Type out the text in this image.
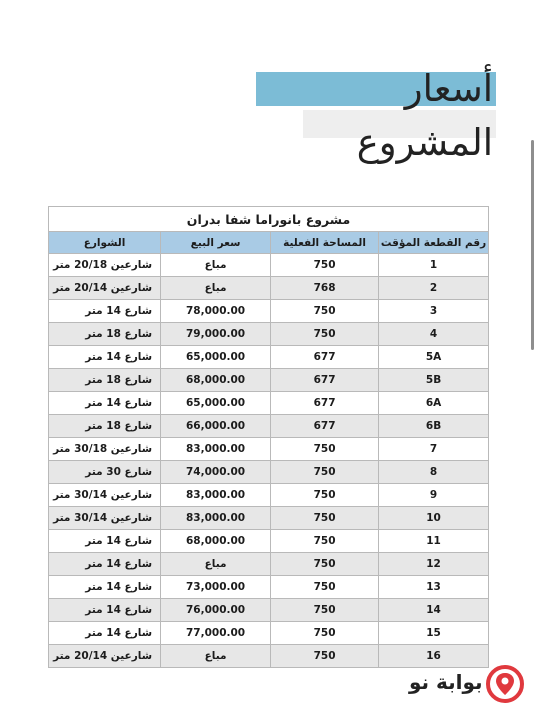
أسعار
المشروع
مشروع بانوراما شفا بدران			
رقم القطعة المؤقت	المساحة الفعلية	سعر البيع	الشوارع
1	750	مباع	شارعين 20/18 متر
2	768	مباع	شارعين 20/14 متر
3	750	78,000.00	شارع 14 متر
4	750	79,000.00	شارع 18 متر
5A	677	65,000.00	شارع 14 متر
5B	677	68,000.00	شارع 18 متر
6A	677	65,000.00	شارع 14 متر
6B	677	66,000.00	شارع 18 متر
7	750	83,000.00	شارعين 30/18 متر
8	750	74,000.00	شارع 30 متر
9	750	83,000.00	شارعين 30/14 متر
10	750	83,000.00	شارعين 30/14 متر
11	750	68,000.00	شارع 14 متر
12	750	مباع	شارع 14 متر
13	750	73,000.00	شارع 14 متر
14	750	76,000.00	شارع 14 متر
15	750	77,000.00	شارع 14 متر
16	750	مباع	شارعين 20/14 متر
بوابة نو
